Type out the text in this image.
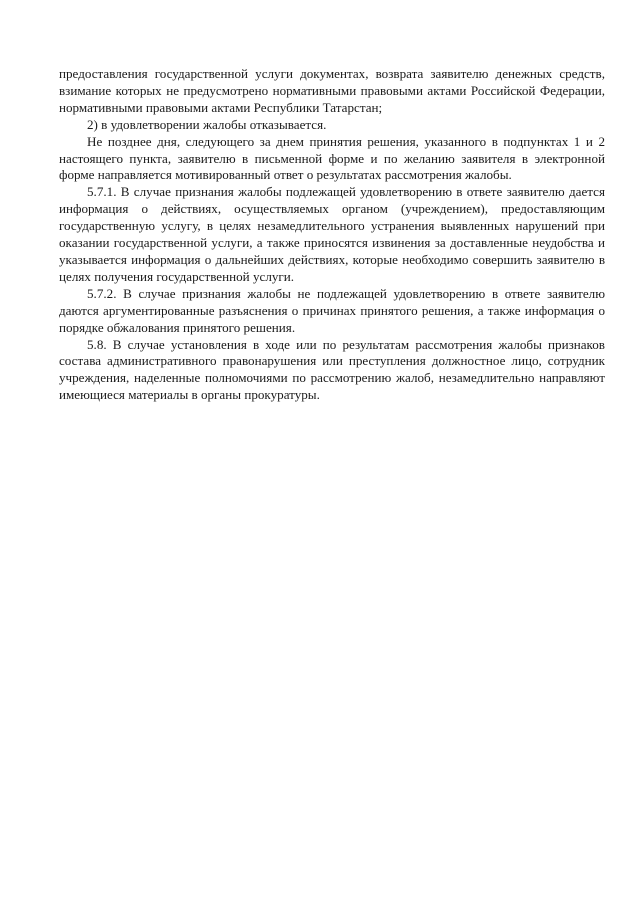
предоставления государственной услуги документах, возврата заявителю денежных средств, взимание которых не предусмотрено нормативными правовыми актами Российской Федерации, нормативными правовыми актами Республики Татарстан;

2) в удовлетворении жалобы отказывается.

Не позднее дня, следующего за днем принятия решения, указанного в подпунктах 1 и 2 настоящего пункта, заявителю в письменной форме и по желанию заявителя в электронной форме направляется мотивированный ответ о результатах рассмотрения жалобы.

5.7.1. В случае признания жалобы подлежащей удовлетворению в ответе заявителю дается информация о действиях, осуществляемых органом (учреждением), предоставляющим государственную услугу, в целях незамедлительного устранения выявленных нарушений при оказании государственной услуги, а также приносятся извинения за доставленные неудобства и указывается информация о дальнейших действиях, которые необходимо совершить заявителю в целях получения государственной услуги.

5.7.2. В случае признания жалобы не подлежащей удовлетворению в ответе заявителю даются аргументированные разъяснения о причинах принятого решения, а также информация о порядке обжалования принятого решения.

5.8. В случае установления в ходе или по результатам рассмотрения жалобы признаков состава административного правонарушения или преступления должностное лицо, сотрудник учреждения, наделенные полномочиями по рассмотрению жалоб, незамедлительно направляют имеющиеся материалы в органы прокуратуры.
